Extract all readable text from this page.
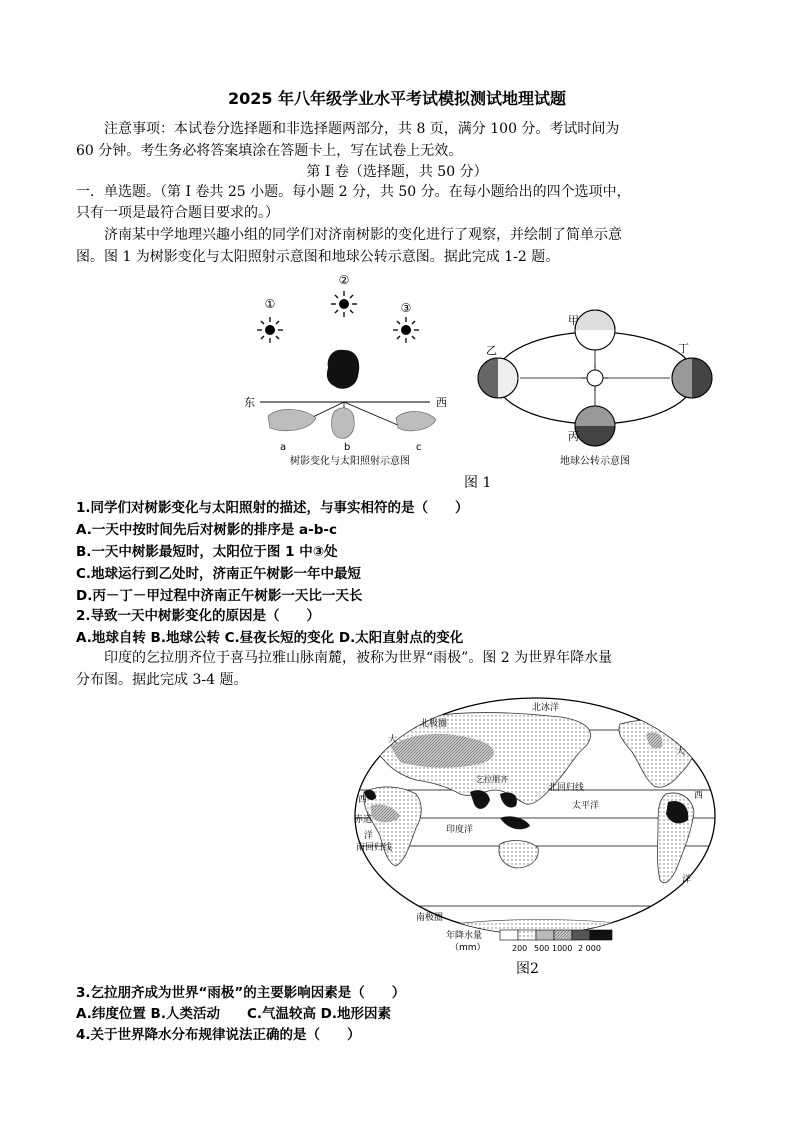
2025 年八年级学业水平考试模拟测试地理试题
注意事项：本试卷分选择题和非选择题两部分，共 8 页，满分 100 分。考试时间为
60 分钟。考生务必将答案填涂在答题卡上，写在试卷上无效。
第 I 卷（选择题，共 50 分）
一．单选题。（第 I 卷共 25 小题。每小题 2 分，共 50 分。在每小题给出的四个选项中，
只有一项是最符合题目要求的。）
济南某中学地理兴趣小组的同学们对济南树影的变化进行了观察，并绘制了简单示意
图。图 1 为树影变化与太阳照射示意图和地球公转示意图。据此完成 1-2 题。
①
②
③
东	西
a	b	c
树影变化与太阳照射示意图
甲
乙
丙
丁
地球公转示意图
图 1
1.同学们对树影变化与太阳照射的描述，与事实相符的是（　　）
A.一天中按时间先后对树影的排序是 a-b-c
B.一天中树影最短时，太阳位于图 1 中③处
C.地球运行到乙处时，济南正午树影一年中最短
D.丙－丁－甲过程中济南正午树影一天比一天长
2.导致一天中树影变化的原因是（　　）
A.地球自转 B.地球公转 C.昼夜长短的变化 D.太阳直射点的变化
印度的乞拉朋齐位于喜马拉雅山脉南麓，被称为世界“雨极”。图 2 为世界年降水量
分布图。据此完成 3-4 题。
北极圈
北冰洋
大
大
西	西
乞拉朋齐
北回归线
太平洋
赤道
洋
印度洋
南回归线
洋
南极圈
年降水量
（mm）	200 500 1000 2 000
图2
3.乞拉朋齐成为世界“雨极”的主要影响因素是（　　）
A.纬度位置 B.人类活动　　C.气温较高 D.地形因素
4.关于世界降水分布规律说法正确的是（　　）
